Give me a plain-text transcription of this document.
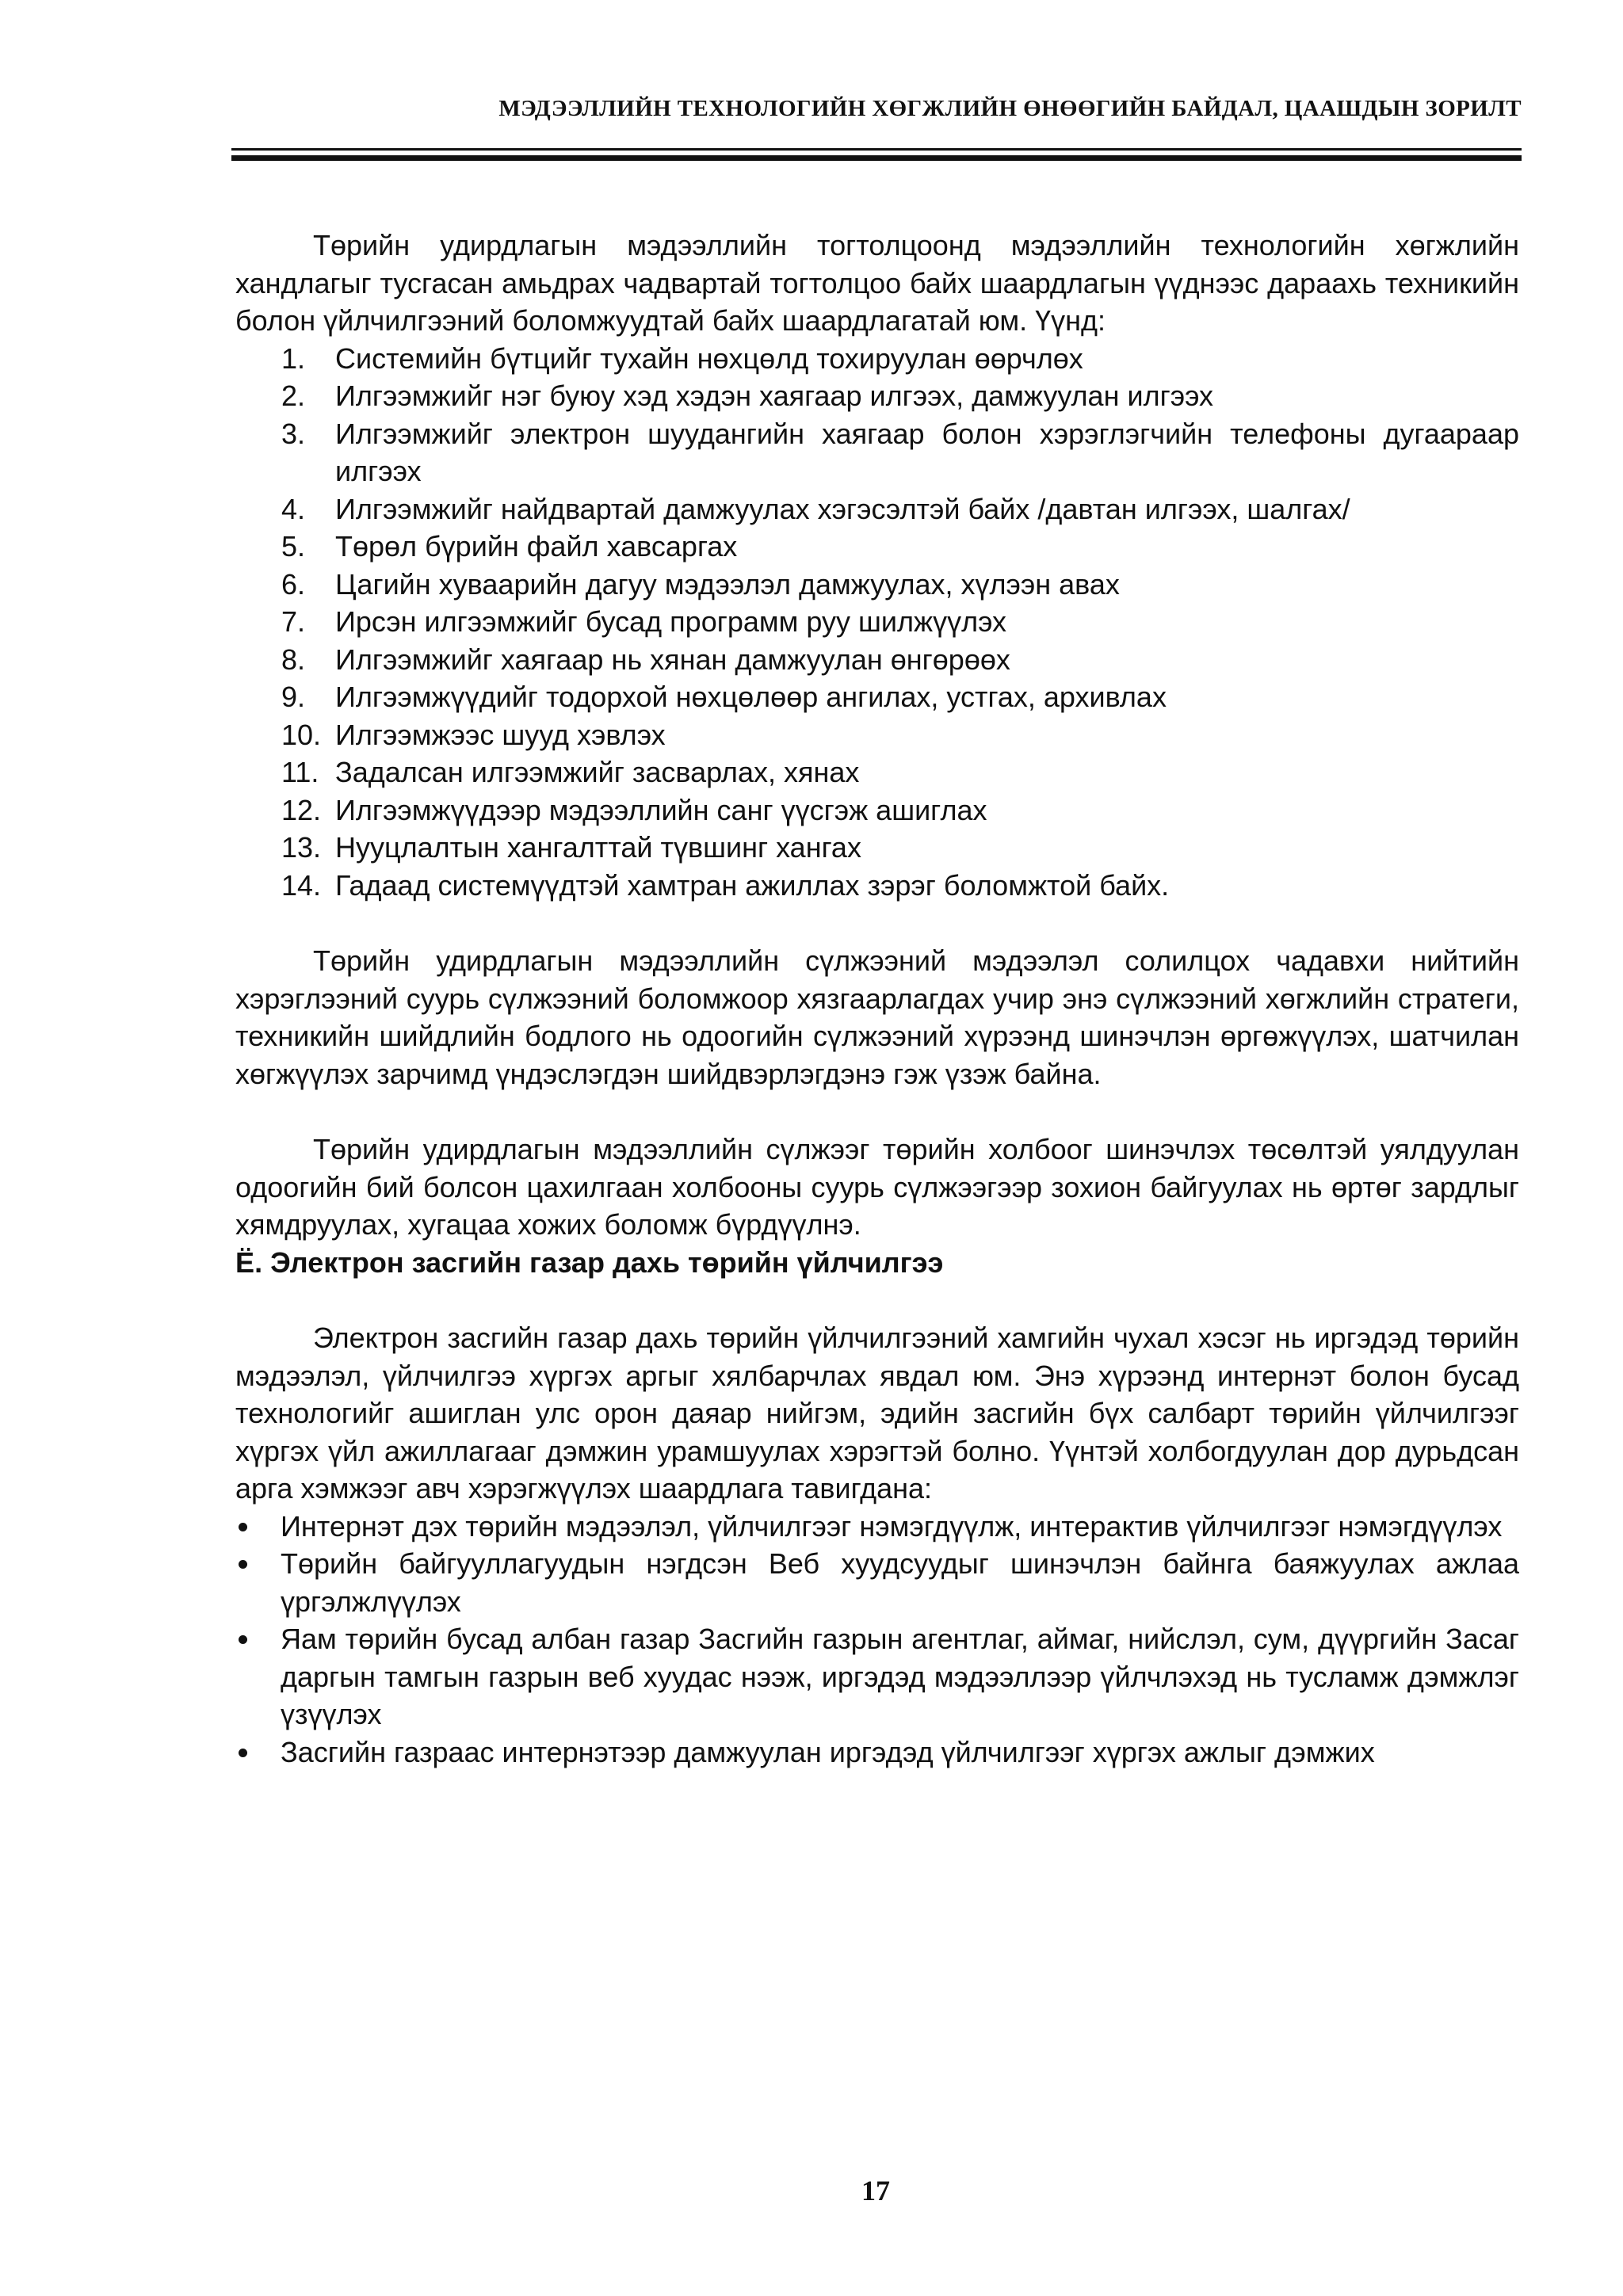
МЭДЭЭЛЛИЙН ТЕХНОЛОГИЙН ХӨГЖЛИЙН ӨНӨӨГИЙН БАЙДАЛ, ЦААШДЫН ЗОРИЛТ

Төрийн удирдлагын мэдээллийн тогтолцоонд мэдээллийн технологийн хөгжлийн хандлагыг тусгасан амьдрах чадвартай тогтолцоо байх шаардлагын үүднээс дараахь техникийн болон үйлчилгээний боломжуудтай байх шаардлагатай юм. Үүнд:

1. Системийн бүтцийг тухайн нөхцөлд тохируулан өөрчлөх
2. Илгээмжийг нэг буюу хэд хэдэн хаягаар илгээх, дамжуулан илгээх
3. Илгээмжийг электрон шуудангийн хаягаар болон хэрэглэгчийн телефоны дугаараар илгээх
4. Илгээмжийг найдвартай дамжуулах хэгэсэлтэй байх /давтан илгээх, шалгах/
5. Төрөл бүрийн файл хавсаргах
6. Цагийн хуваарийн дагуу мэдээлэл дамжуулах, хүлээн авах
7. Ирсэн илгээмжийг бусад программ руу шилжүүлэх
8. Илгээмжийг хаягаар нь хянан дамжуулан өнгөрөөх
9. Илгээмжүүдийг тодорхой нөхцөлөөр ангилах, устгах, архивлах
10. Илгээмжээс шууд хэвлэх
11. Задалсан илгээмжийг засварлах, хянах
12. Илгээмжүүдээр мэдээллийн санг үүсгэж ашиглах
13. Нууцлалтын хангалттай түвшинг хангах
14. Гадаад системүүдтэй хамтран ажиллах зэрэг боломжтой байх.

Төрийн удирдлагын мэдээллийн сүлжээний мэдээлэл солилцох чадавхи нийтийн хэрэглээний суурь сүлжээний боломжоор хязгаарлагдах учир энэ сүлжээний хөгжлийн стратеги, техникийн шийдлийн бодлого нь одоогийн сүлжээний хүрээнд шинэчлэн өргөжүүлэх, шатчилан хөгжүүлэх зарчимд үндэслэгдэн шийдвэрлэгдэнэ гэж үзэж байна.

Төрийн удирдлагын мэдээллийн сүлжээг төрийн холбоог шинэчлэх төсөлтэй уялдуулан одоогийн бий болсон цахилгаан холбооны суурь сүлжээгээр зохион байгуулах нь өртөг зардлыг хямдруулах, хугацаа хожих боломж бүрдүүлнэ.

Ё. Электрон засгийн газар дахь төрийн үйлчилгээ

Электрон засгийн газар дахь төрийн үйлчилгээний хамгийн чухал хэсэг нь иргэдэд төрийн мэдээлэл, үйлчилгээ хүргэх аргыг хялбарчлах явдал юм. Энэ хүрээнд интернэт болон бусад технологийг ашиглан улс орон даяар нийгэм, эдийн засгийн бүх салбарт төрийн үйлчилгээг хүргэх үйл ажиллагааг дэмжин урамшуулах хэрэгтэй болно. Үүнтэй холбогдуулан дор дурьдсан арга хэмжээг авч хэрэгжүүлэх шаардлага тавигдана:

Интернэт дэх төрийн мэдээлэл, үйлчилгээг нэмэгдүүлж, интерактив үйлчилгээг нэмэгдүүлэх
Төрийн байгууллагуудын нэгдсэн Веб хуудсуудыг шинэчлэн байнга баяжуулах ажлаа үргэлжлүүлэх
Яам төрийн бусад албан газар Засгийн газрын агентлаг, аймаг, нийслэл, сум, дүүргийн Засаг даргын тамгын газрын веб хуудас нээж, иргэдэд мэдээллээр үйлчлэхэд нь тусламж дэмжлэг үзүүлэх
Засгийн газраас интернэтээр дамжуулан иргэдэд үйлчилгээг хүргэх ажлыг дэмжих
17
